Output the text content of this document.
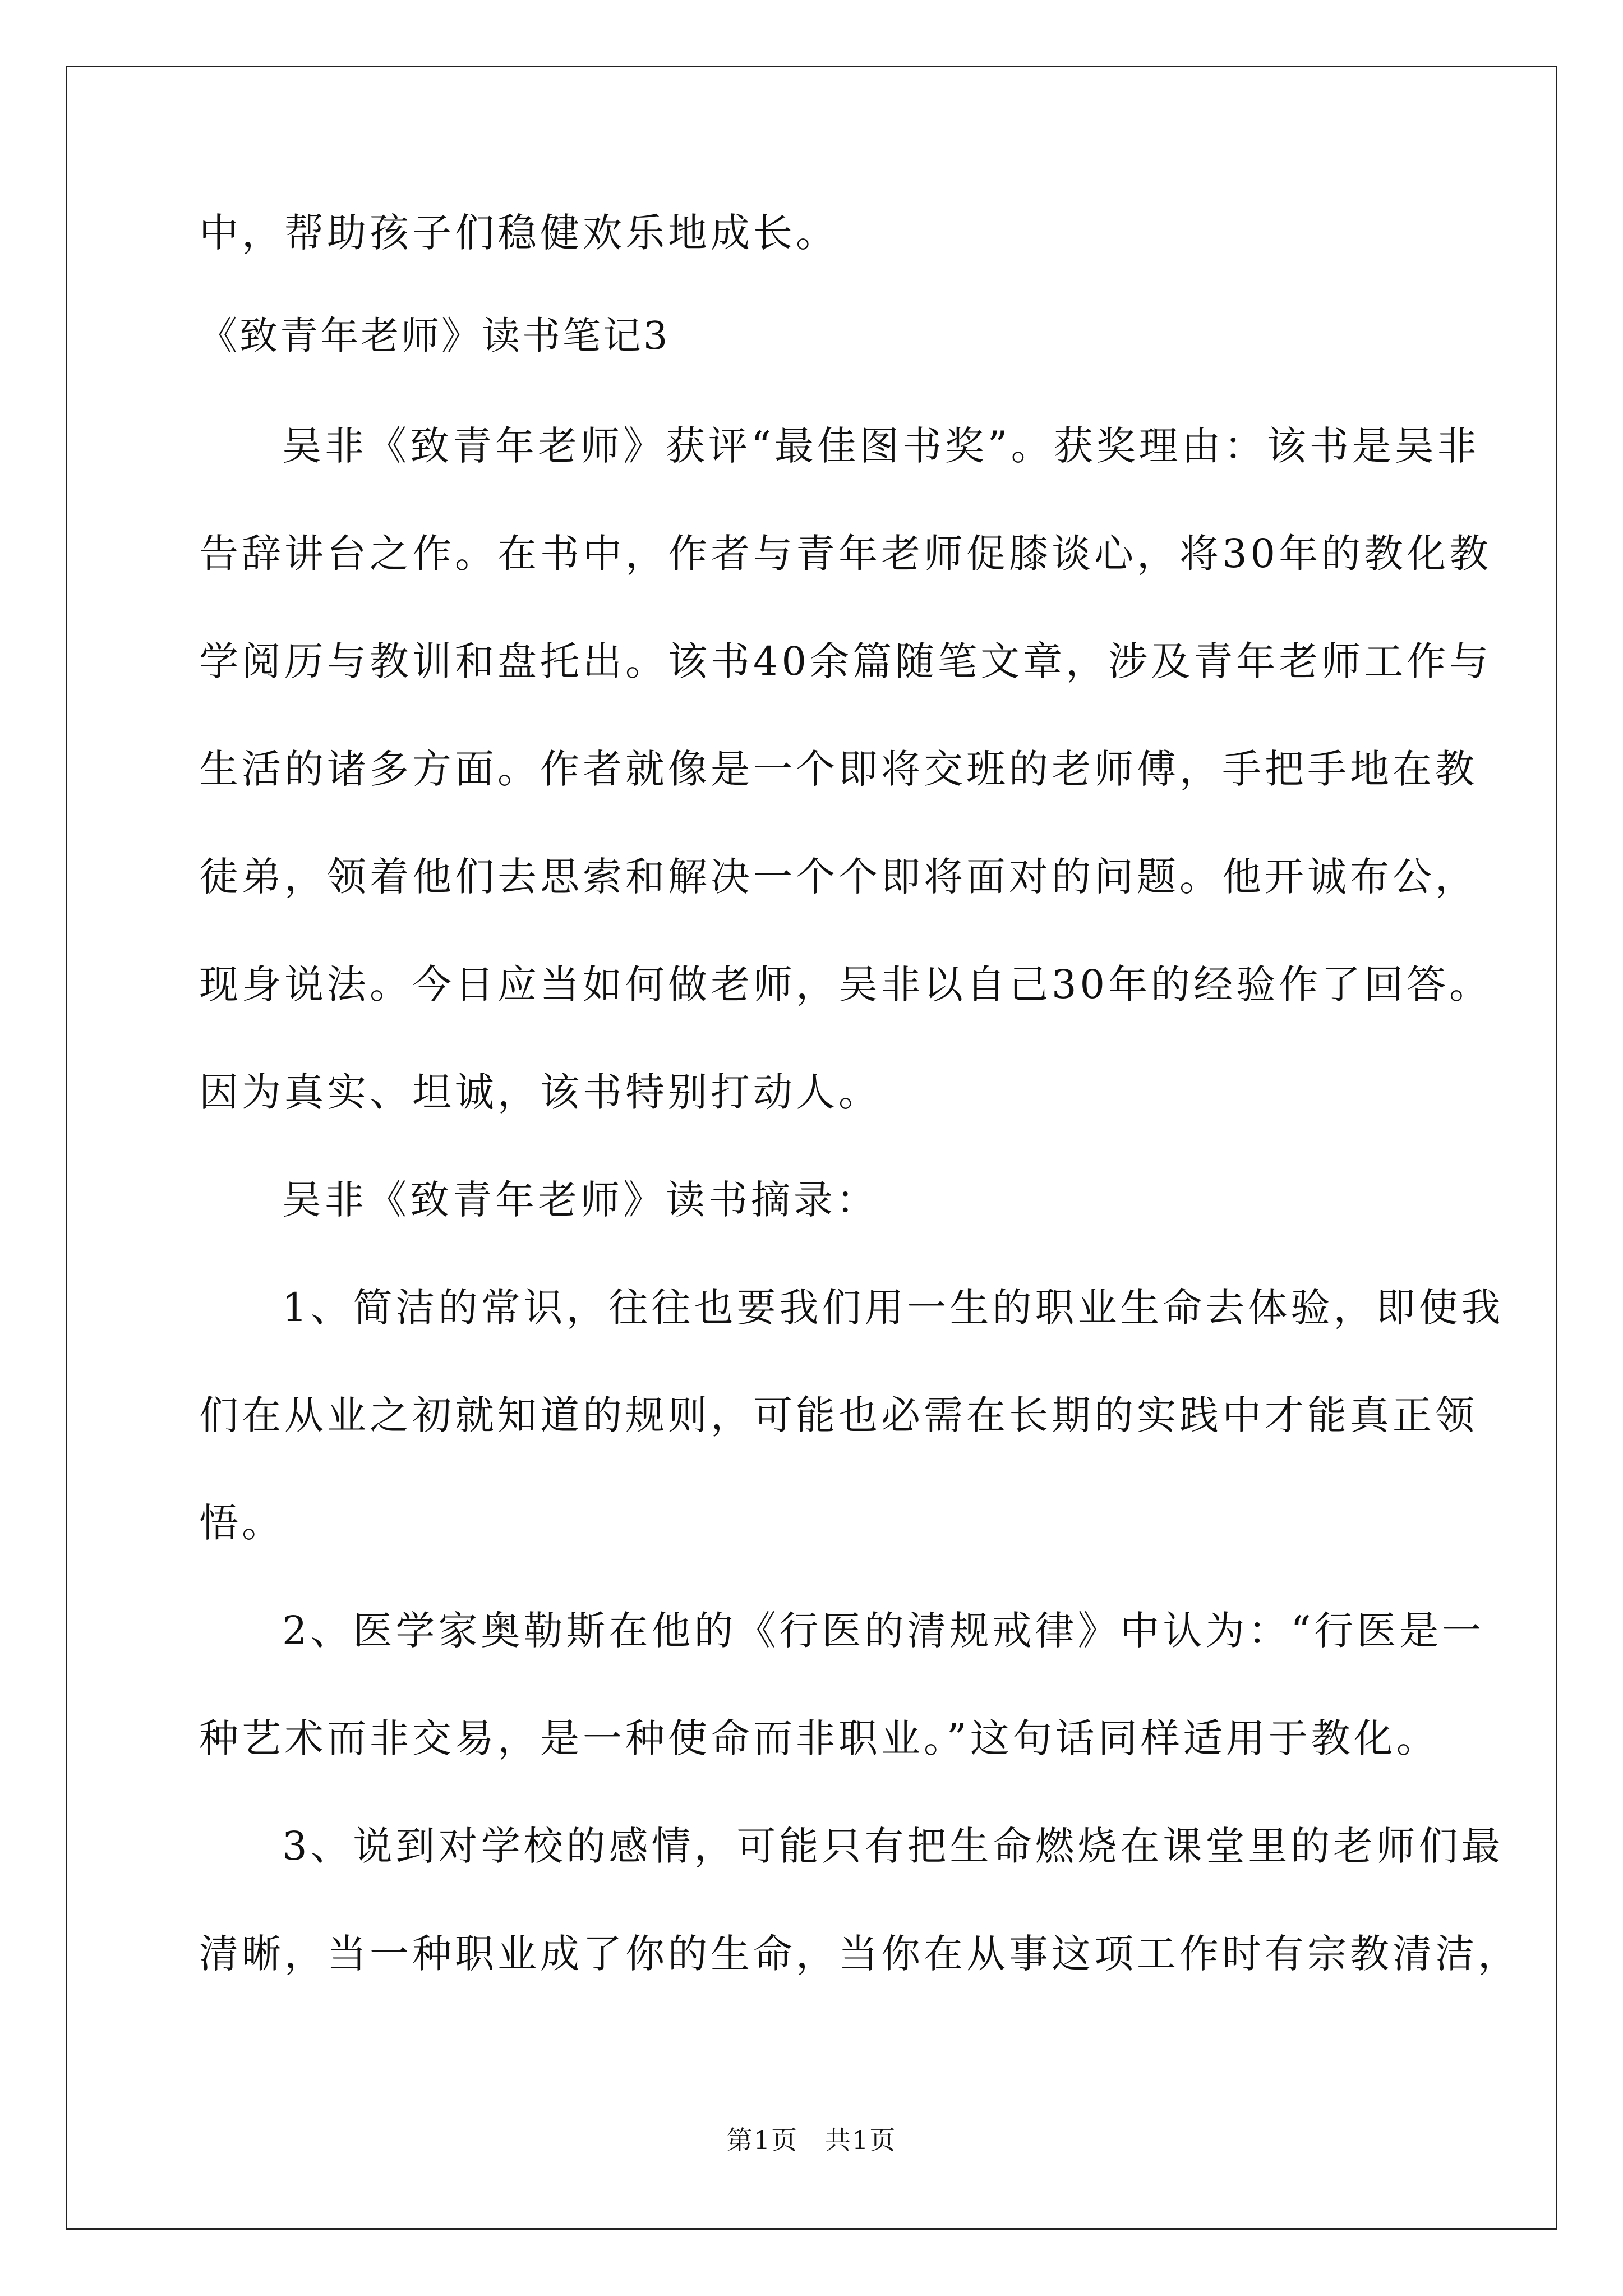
中，帮助孩子们稳健欢乐地成长。
《致青年老师》读书笔记3
吴非《致青年老师》获评“最佳图书奖”。获奖理由：该书是吴非
告辞讲台之作。在书中，作者与青年老师促膝谈心，将30年的教化教
学阅历与教训和盘托出。该书40余篇随笔文章，涉及青年老师工作与
生活的诸多方面。作者就像是一个即将交班的老师傅，手把手地在教
徒弟，领着他们去思索和解决一个个即将面对的问题。他开诚布公，
现身说法。今日应当如何做老师，吴非以自己30年的经验作了回答。
因为真实、坦诚，该书特别打动人。
吴非《致青年老师》读书摘录：
1、简洁的常识，往往也要我们用一生的职业生命去体验，即使我
们在从业之初就知道的规则，可能也必需在长期的实践中才能真正领
悟。
2、医学家奥勒斯在他的《行医的清规戒律》中认为：“行医是一
种艺术而非交易，是一种使命而非职业。”这句话同样适用于教化。
3、说到对学校的感情，可能只有把生命燃烧在课堂里的老师们最
清晰，当一种职业成了你的生命，当你在从事这项工作时有宗教清洁，
第1页　共1页
